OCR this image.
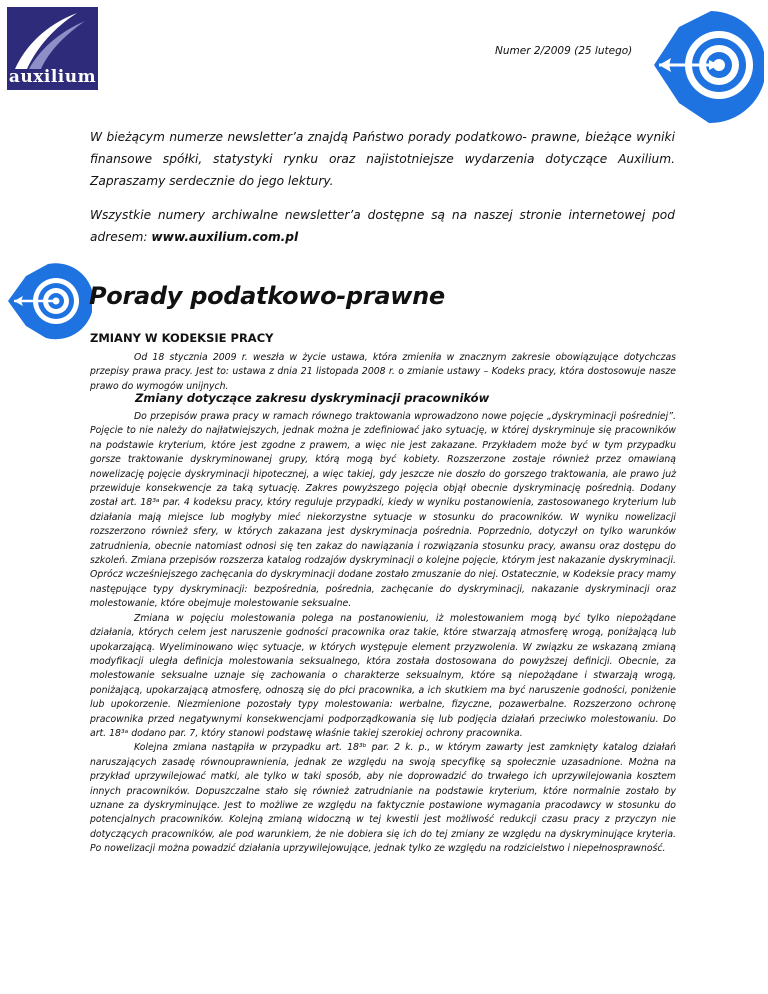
auxilium
Numer 2/2009 (25 lutego)

W bieżącym numerze newsletter’a znajdą Państwo porady podatkowo- prawne, bieżące wyniki finansowe spółki, statystyki rynku oraz najistotniejsze wydarzenia dotyczące Auxilium. Zapraszamy serdecznie do jego lektury.

Wszystkie numery archiwalne newsletter’a dostępne są na naszej stronie internetowej pod adresem: www.auxilium.com.pl

Porady podatkowo-prawne
ZMIANY W KODEKSIE PRACY

Od 18 stycznia 2009 r. weszła w życie ustawa, która zmieniła w znacznym zakresie obowiązujące dotychczas przepisy prawa pracy. Jest to: ustawa z dnia 21 listopada 2008 r. o zmianie ustawy – Kodeks pracy, która dostosowuje nasze prawo do wymogów unijnych.

Zmiany dotyczące zakresu dyskryminacji pracowników

Do przepisów prawa pracy w ramach równego traktowania wprowadzono nowe pojęcie „dyskryminacji pośredniej”. Pojęcie to nie należy do najłatwiejszych, jednak można je zdefiniować jako sytuację, w której dyskryminuje się pracowników na podstawie kryterium, które jest zgodne z prawem, a więc nie jest zakazane. Przykładem może być w tym przypadku gorsze traktowanie dyskryminowanej grupy, którą mogą być kobiety. Rozszerzone zostaje również przez omawianą nowelizację pojęcie dyskryminacji hipotecznej, a więc takiej, gdy jeszcze nie doszło do gorszego traktowania, ale prawo już przewiduje konsekwencje za taką sytuację. Zakres powyższego pojęcia objął obecnie dyskryminację pośrednią. Dodany został art. 18³ᵃ par. 4 kodeksu pracy, który reguluje przypadki, kiedy w wyniku postanowienia, zastosowanego kryterium lub działania mają miejsce lub mogłyby mieć niekorzystne sytuacje w stosunku do pracowników. W wyniku nowelizacji rozszerzono również sfery, w których zakazana jest dyskryminacja pośrednia. Poprzednio, dotyczył on tylko warunków zatrudnienia, obecnie natomiast odnosi się ten zakaz do nawiązania i rozwiązania stosunku pracy, awansu oraz dostępu do szkoleń. Zmiana przepisów rozszerza katalog rodzajów dyskryminacji o kolejne pojęcie, którym jest nakazanie dyskryminacji. Oprócz wcześniejszego zachęcania do dyskryminacji dodane zostało zmuszanie do niej. Ostatecznie, w Kodeksie pracy mamy następujące typy dyskryminacji: bezpośrednia, pośrednia, zachęcanie do dyskryminacji, nakazanie dyskryminacji oraz molestowanie, które obejmuje molestowanie seksualne.

Zmiana w pojęciu molestowania polega na postanowieniu, iż molestowaniem mogą być tylko niepożądane działania, których celem jest naruszenie godności pracownika oraz takie, które stwarzają atmosferę wrogą, poniżającą lub upokarzającą. Wyeliminowano więc sytuacje, w których występuje element przyzwolenia. W związku ze wskazaną zmianą modyfikacji uległa definicja molestowania seksualnego, która została dostosowana do powyższej definicji. Obecnie, za molestowanie seksualne uznaje się zachowania o charakterze seksualnym, które są niepożądane i stwarzają wrogą, poniżającą, upokarzającą atmosferę, odnoszą się do płci pracownika, a ich skutkiem ma być naruszenie godności, poniżenie lub upokorzenie. Niezmienione pozostały typy molestowania: werbalne, fizyczne, pozawerbalne. Rozszerzono ochronę pracownika przed negatywnymi konsekwencjami podporządkowania się lub podjęcia działań przeciwko molestowaniu. Do art. 18³ᵃ dodano par. 7, który stanowi podstawę właśnie takiej szerokiej ochrony pracownika.

Kolejna zmiana nastąpiła w przypadku art. 18³ᵇ par. 2 k. p., w którym zawarty jest zamknięty katalog działań naruszających zasadę równouprawnienia, jednak ze względu na swoją specyfikę są społecznie uzasadnione. Można na przykład uprzywilejować matki, ale tylko w taki sposób, aby nie doprowadzić do trwałego ich uprzywilejowania kosztem innych pracowników. Dopuszczalne stało się również zatrudnianie na podstawie kryterium, które normalnie zostało by uznane za dyskryminujące. Jest to możliwe ze względu na faktycznie postawione wymagania pracodawcy w stosunku do potencjalnych pracowników. Kolejną zmianą widoczną w tej kwestii jest możliwość redukcji czasu pracy z przyczyn nie dotyczących pracowników, ale pod warunkiem, że nie dobiera się ich do tej zmiany ze względu na dyskryminujące kryteria. Po nowelizacji można powadzić działania uprzywilejowujące, jednak tylko ze względu na rodzicielstwo i niepełnosprawność.
